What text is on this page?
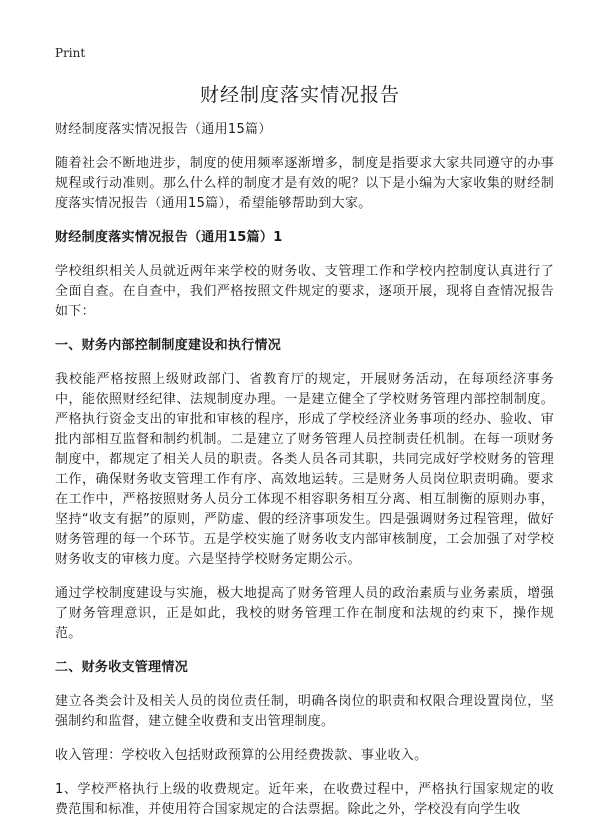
Print
财经制度落实情况报告

财经制度落实情况报告（通用15篇）

随着社会不断地进步，制度的使用频率逐渐增多，制度是指要求大家共同遵守的办事规程或行动准则。那么什么样的制度才是有效的呢？以下是小编为大家收集的财经制度落实情况报告（通用15篇），希望能够帮助到大家。

财经制度落实情况报告（通用15篇）1

学校组织相关人员就近两年来学校的财务收、支管理工作和学校内控制度认真进行了全面自查。在自查中，我们严格按照文件规定的要求，逐项开展，现将自查情况报告如下：

一、财务内部控制制度建设和执行情况

我校能严格按照上级财政部门、省教育厅的规定，开展财务活动，在每项经济事务中，能依照财经纪律、法规制度办理。一是建立健全了学校财务管理内部控制制度。严格执行资金支出的审批和审核的程序，形成了学校经济业务事项的经办、验收、审批内部相互监督和制约机制。二是建立了财务管理人员控制责任机制。在每一项财务制度中，都规定了相关人员的职责。各类人员各司其职，共同完成好学校财务的管理工作，确保财务收支管理工作有序、高效地运转。三是财务人员岗位职责明确。要求在工作中，严格按照财务人员分工体现不相容职务相互分离、相互制衡的原则办事，坚持“收支有据”的原则，严防虚、假的经济事项发生。四是强调财务过程管理，做好财务管理的每一个环节。五是学校实施了财务收支内部审核制度，工会加强了对学校财务收支的审核力度。六是坚持学校财务定期公示。

通过学校制度建设与实施，极大地提高了财务管理人员的政治素质与业务素质，增强了财务管理意识，正是如此，我校的财务管理工作在制度和法规的约束下，操作规范。

二、财务收支管理情况

建立各类会计及相关人员的岗位责任制，明确各岗位的职责和权限合理设置岗位，坚强制约和监督，建立健全收费和支出管理制度。

收入管理：学校收入包括财政预算的公用经费拨款、事业收入。

1、学校严格执行上级的收费规定。近年来，在收费过程中，严格执行国家规定的收费范围和标准，并使用符合国家规定的合法票据。除此之外，学校没有向学生收
